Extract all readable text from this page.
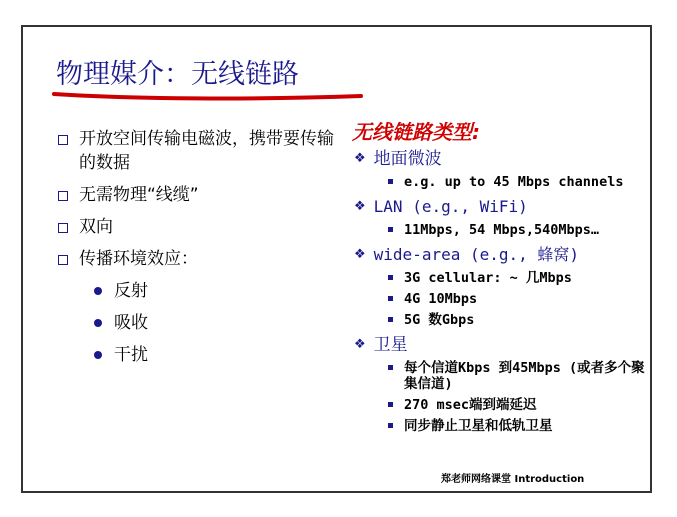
物理媒介：无线链路
开放空间传输电磁波，携带要传输的数据
无需物理“线缆”
双向
传播环境效应：
反射
吸收
干扰
无线链路类型:
❖ 地面微波
e.g. up to 45 Mbps channels
❖ LAN (e.g., WiFi)
11Mbps, 54 Mbps,540Mbps…
❖ wide-area (e.g., 蜂窝)
3G cellular: ~ 几Mbps
4G 10Mbps
5G 数Gbps
❖ 卫星
每个信道Kbps 到45Mbps (或者多个聚集信道)
270 msec端到端延迟
同步静止卫星和低轨卫星
郑老师网络课堂 Introduction
